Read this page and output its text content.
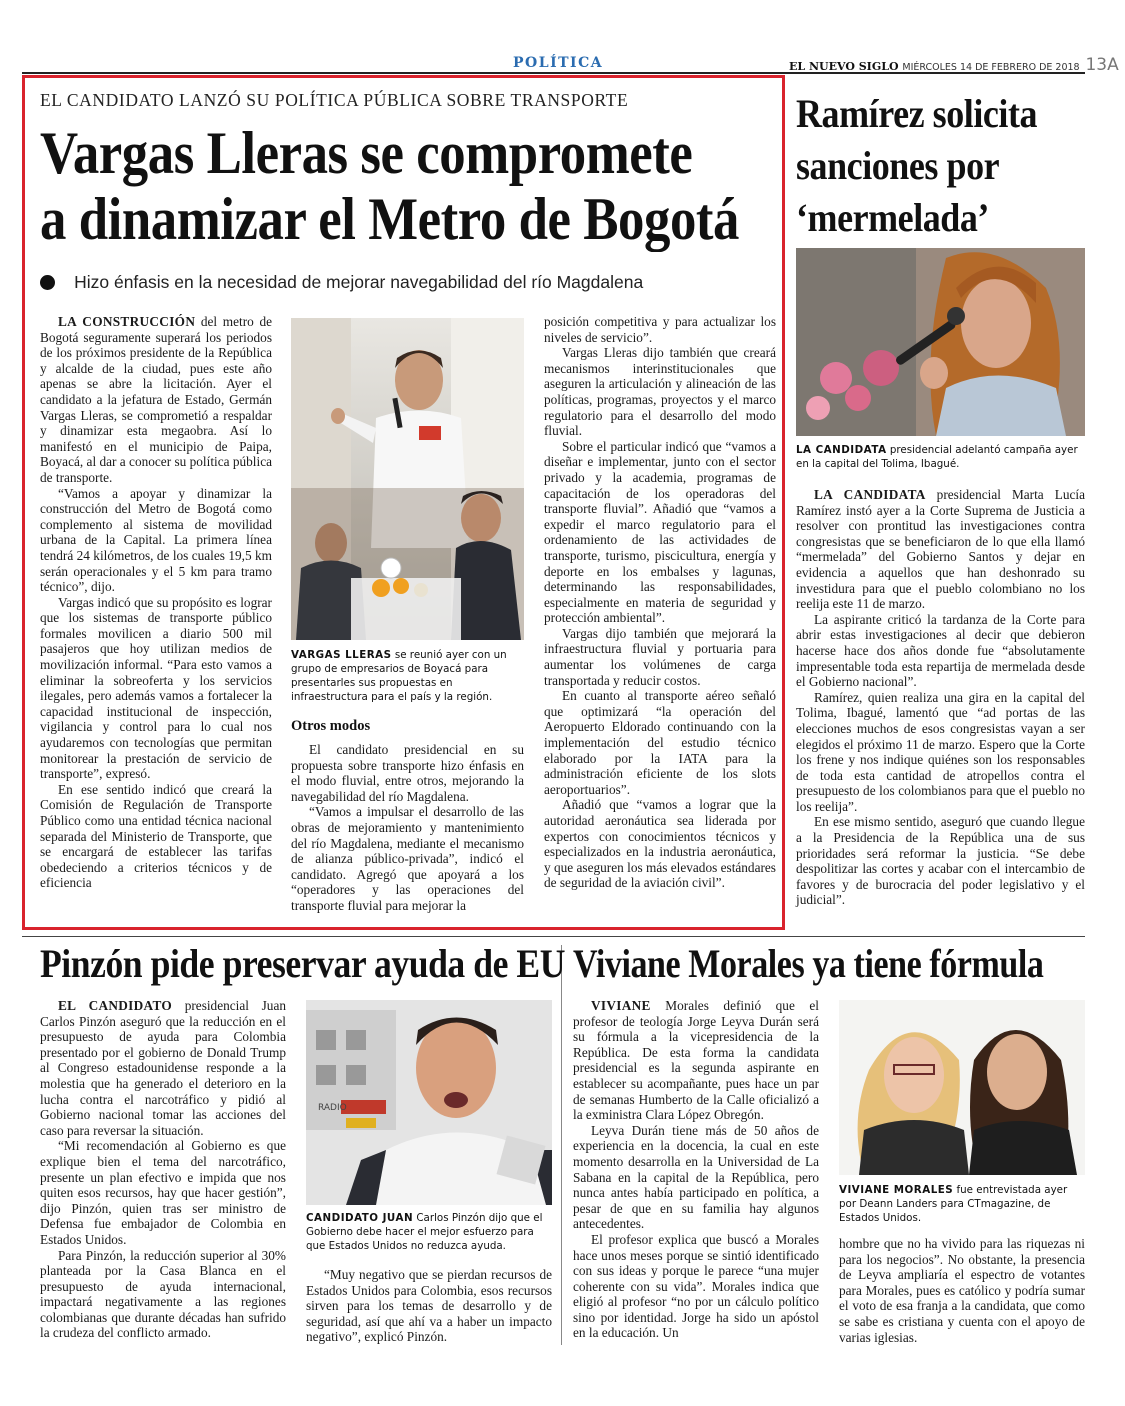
POLÍTICA	EL NUEVO SIGLO MIÉRCOLES 14 DE FEBRERO DE 2018 13A
EL CANDIDATO LANZÓ SU POLÍTICA PÚBLICA SOBRE TRANSPORTE
Vargas Lleras se compromete
a dinamizar el Metro de Bogotá
Hizo énfasis en la necesidad de mejorar navegabilidad del río Magdalena

LA CONSTRUCCIÓN del metro de Bogotá seguramente superará los periodos de los próximos presidente de la República y alcalde de la ciudad, pues este año apenas se abre la licitación. Ayer el candidato a la jefatura de Estado, Germán Vargas Lleras, se comprometió a respaldar y dinamizar esta megaobra. Así lo manifestó en el municipio de Paipa, Boyacá, al dar a conocer su política pública de transporte.

“Vamos a apoyar y dinamizar la construcción del Metro de Bogotá como complemento al sistema de movilidad urbana de la Capital. La primera línea tendrá 24 kilómetros, de los cuales 19,5 km serán operacionales y el 5 km para tramo técnico”, dijo.

Vargas indicó que su propósito es lograr que los sistemas de transporte público formales movilicen a diario 500 mil pasajeros que hoy utilizan medios de movilización informal. “Para esto vamos a eliminar la sobreoferta y los servicios ilegales, pero además vamos a fortalecer la capacidad institucional de inspección, vigilancia y control para lo cual nos ayudaremos con tecnologías que permitan monitorear la prestación de servicio de transporte”, expresó.

En ese sentido indicó que creará la Comisión de Regulación de Transporte Público como una entidad técnica nacional separada del Ministerio de Transporte, que se encargará de establecer las tarifas obedeciendo a criterios técnicos y de eficiencia

VARGAS LLERAS se reunió ayer con un grupo de empresarios de Boyacá para presentarles sus propuestas en infraestructura para el país y la región.
Otros modos

El candidato presidencial en su propuesta sobre transporte hizo énfasis en el modo fluvial, entre otros, mejorando la navegabilidad del río Magdalena.

“Vamos a impulsar el desarrollo de las obras de mejoramiento y mantenimiento del río Magdalena, mediante el mecanismo de alianza público-privada”, indicó el candidato. Agregó que apoyará a los “operadores y las operaciones del transporte fluvial para mejorar la

posición competitiva y para actualizar los niveles de servicio”.

Vargas Lleras dijo también que creará mecanismos interinstitucionales que aseguren la articulación y alineación de las políticas, programas, proyectos y el marco regulatorio para el desarrollo del modo fluvial.

Sobre el particular indicó que “vamos a diseñar e implementar, junto con el sector privado y la academia, programas de capacitación de los operadoras del transporte fluvial”. Añadió que “vamos a expedir el marco regulatorio para el ordenamiento de las actividades de transporte, turismo, piscicultura, energía y deporte en los embalses y lagunas, determinando las responsabilidades, especialmente en materia de seguridad y protección ambiental”.

Vargas dijo también que mejorará la infraestructura fluvial y portuaria para aumentar los volúmenes de carga transportada y reducir costos.

En cuanto al transporte aéreo señaló que optimizará “la operación del Aeropuerto Eldorado continuando con la implementación del estudio técnico elaborado por la IATA para la administración eficiente de los slots aeroportuarios”.

Añadió que “vamos a lograr que la autoridad aeronáutica sea liderada por expertos con conocimientos técnicos y especializados en la industria aeronáutica, y que aseguren los más elevados estándares de seguridad de la aviación civil”.

Ramírez solicita
sanciones por
‘mermelada’
LA CANDIDATA presidencial adelantó campaña ayer en la capital del Tolima, Ibagué.

LA CANDIDATA presidencial Marta Lucía Ramírez instó ayer a la Corte Suprema de Justicia a resolver con prontitud las investigaciones contra congresistas que se beneficiaron de lo que ella llamó “mermelada” del Gobierno Santos y dejar en evidencia a aquellos que han deshonrado su investidura para que el pueblo colombiano no los reelija este 11 de marzo.

La aspirante criticó la tardanza de la Corte para abrir estas investigaciones al decir que debieron hacerse hace dos años donde fue “absolutamente impresentable toda esta repartija de mermelada desde el Gobierno nacional”.

Ramírez, quien realiza una gira en la capital del Tolima, Ibagué, lamentó que “ad portas de las elecciones muchos de esos congresistas vayan a ser elegidos el próximo 11 de marzo. Espero que la Corte los frene y nos indique quiénes son los responsables de toda esta cantidad de atropellos contra el presupuesto de los colombianos para que el pueblo no los reelija”.

En ese mismo sentido, aseguró que cuando llegue a la Presidencia de la República una de sus prioridades será reformar la justicia. “Se debe despolitizar las cortes y acabar con el intercambio de favores y de burocracia del poder legislativo y el judicial”.

Pinzón pide preservar ayuda de EU

EL CANDIDATO presidencial Juan Carlos Pinzón aseguró que la reducción en el presupuesto de ayuda para Colombia presentado por el gobierno de Donald Trump al Congreso estadounidense responde a la molestia que ha generado el deterioro en la lucha contra el narcotráfico y pidió al Gobierno nacional tomar las acciones del caso para reversar la situación.

“Mi recomendación al Gobierno es que explique bien el tema del narcotráfico, presente un plan efectivo e impida que nos quiten esos recursos, hay que hacer gestión”, dijo Pinzón, quien tras ser ministro de Defensa fue embajador de Colombia en Estados Unidos.

Para Pinzón, la reducción superior al 30% planteada por la Casa Blanca en el presupuesto de ayuda internacional, impactará negativamente a las regiones colombianas que durante décadas han sufrido la crudeza del conflicto armado.

RADIO
CANDIDATO JUAN Carlos Pinzón dijo que el Gobierno debe hacer el mejor esfuerzo para que Estados Unidos no reduzca ayuda.

“Muy negativo que se pierdan recursos de Estados Unidos para Colombia, esos recursos sirven para los temas de desarrollo y de seguridad, así que ahí va a haber un impacto negativo”, explicó Pinzón.

Viviane Morales ya tiene fórmula

VIVIANE Morales definió que el profesor de teología Jorge Leyva Durán será su fórmula a la vicepresidencia de la República. De esta forma la candidata presidencial es la segunda aspirante en establecer su acompañante, pues hace un par de semanas Humberto de la Calle oficializó a la exministra Clara López Obregón.

Leyva Durán tiene más de 50 años de experiencia en la docencia, la cual en este momento desarrolla en la Universidad de La Sabana en la capital de la República, pero nunca antes había participado en política, a pesar de que en su familia hay algunos antecedentes.

El profesor explica que buscó a Morales hace unos meses porque se sintió identificado con sus ideas y porque le parece “una mujer coherente con su vida”. Morales indica que eligió al profesor “no por un cálculo político sino por identidad. Jorge ha sido un apóstol en la educación. Un

VIVIANE MORALES fue entrevistada ayer por Deann Landers para CTmagazine, de Estados Unidos.

hombre que no ha vivido para las riquezas ni para los negocios”. No obstante, la presencia de Leyva ampliaría el espectro de votantes para Morales, pues es católico y podría sumar el voto de esa franja a la candidata, que como se sabe es cristiana y cuenta con el apoyo de varias iglesias.
